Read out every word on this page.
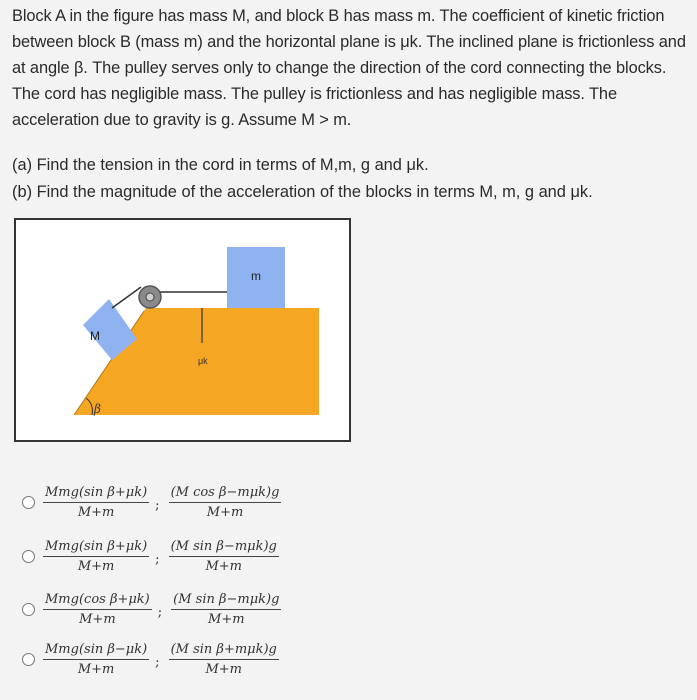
Block A in the figure has mass M, and block B has mass m. The coefficient of kinetic friction between block B (mass m) and the horizontal plane is μk. The inclined plane is frictionless and at angle β. The pulley serves only to change the direction of the cord connecting the blocks. The cord has negligible mass. The pulley is frictionless and has negligible mass. The acceleration due to gravity is g. Assume M > m.

(a) Find the tension in the cord in terms of M,m, g and μk.
(b) Find the magnitude of the acceleration of the blocks in terms M, m, g and μk.
M
m
μk
β
$\frac{\text{Mmg(sin β+μk)}}{M+m}$ ; $\frac{\text{(M cos β−mμk)g}}{M+m}$
$\frac{\text{Mmg(sin β+μk)}}{M+m}$ ; $\frac{\text{(M sin β−mμk)g}}{M+m}$
$\frac{\text{Mmg(cos β+μk)}}{M+m}$ ; $\frac{\text{(M sin β−mμk)g}}{M+m}$
$\frac{\text{Mmg(sin β−μk)}}{M+m}$ ; $\frac{\text{(M sin β+mμk)g}}{M+m}$
